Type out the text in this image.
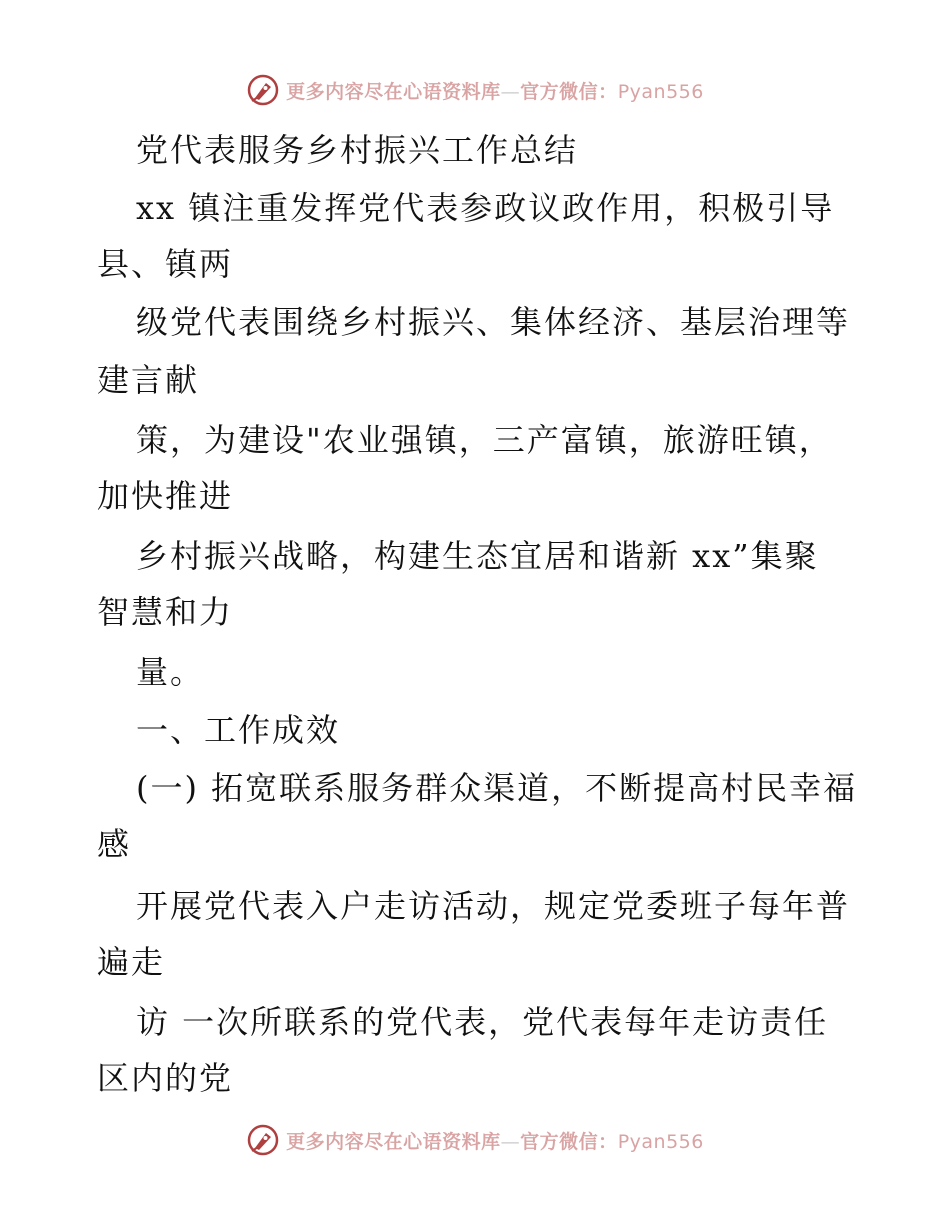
更多内容尽在心语资料库—官方微信：Pyan556
党代表服务乡村振兴工作总结
xx 镇注重发挥党代表参政议政作用，积极引导
县、镇两
级党代表围绕乡村振兴、集体经济、基层治理等
建言献
策，为建设"农业强镇，三产富镇，旅游旺镇，
加快推进
乡村振兴战略，构建生态宜居和谐新 xx”集聚
智慧和力
量。
一、工作成效
(一) 拓宽联系服务群众渠道，不断提高村民幸福
感
开展党代表入户走访活动，规定党委班子每年普
遍走
访 一次所联系的党代表，党代表每年走访责任
区内的党
更多内容尽在心语资料库—官方微信：Pyan556
